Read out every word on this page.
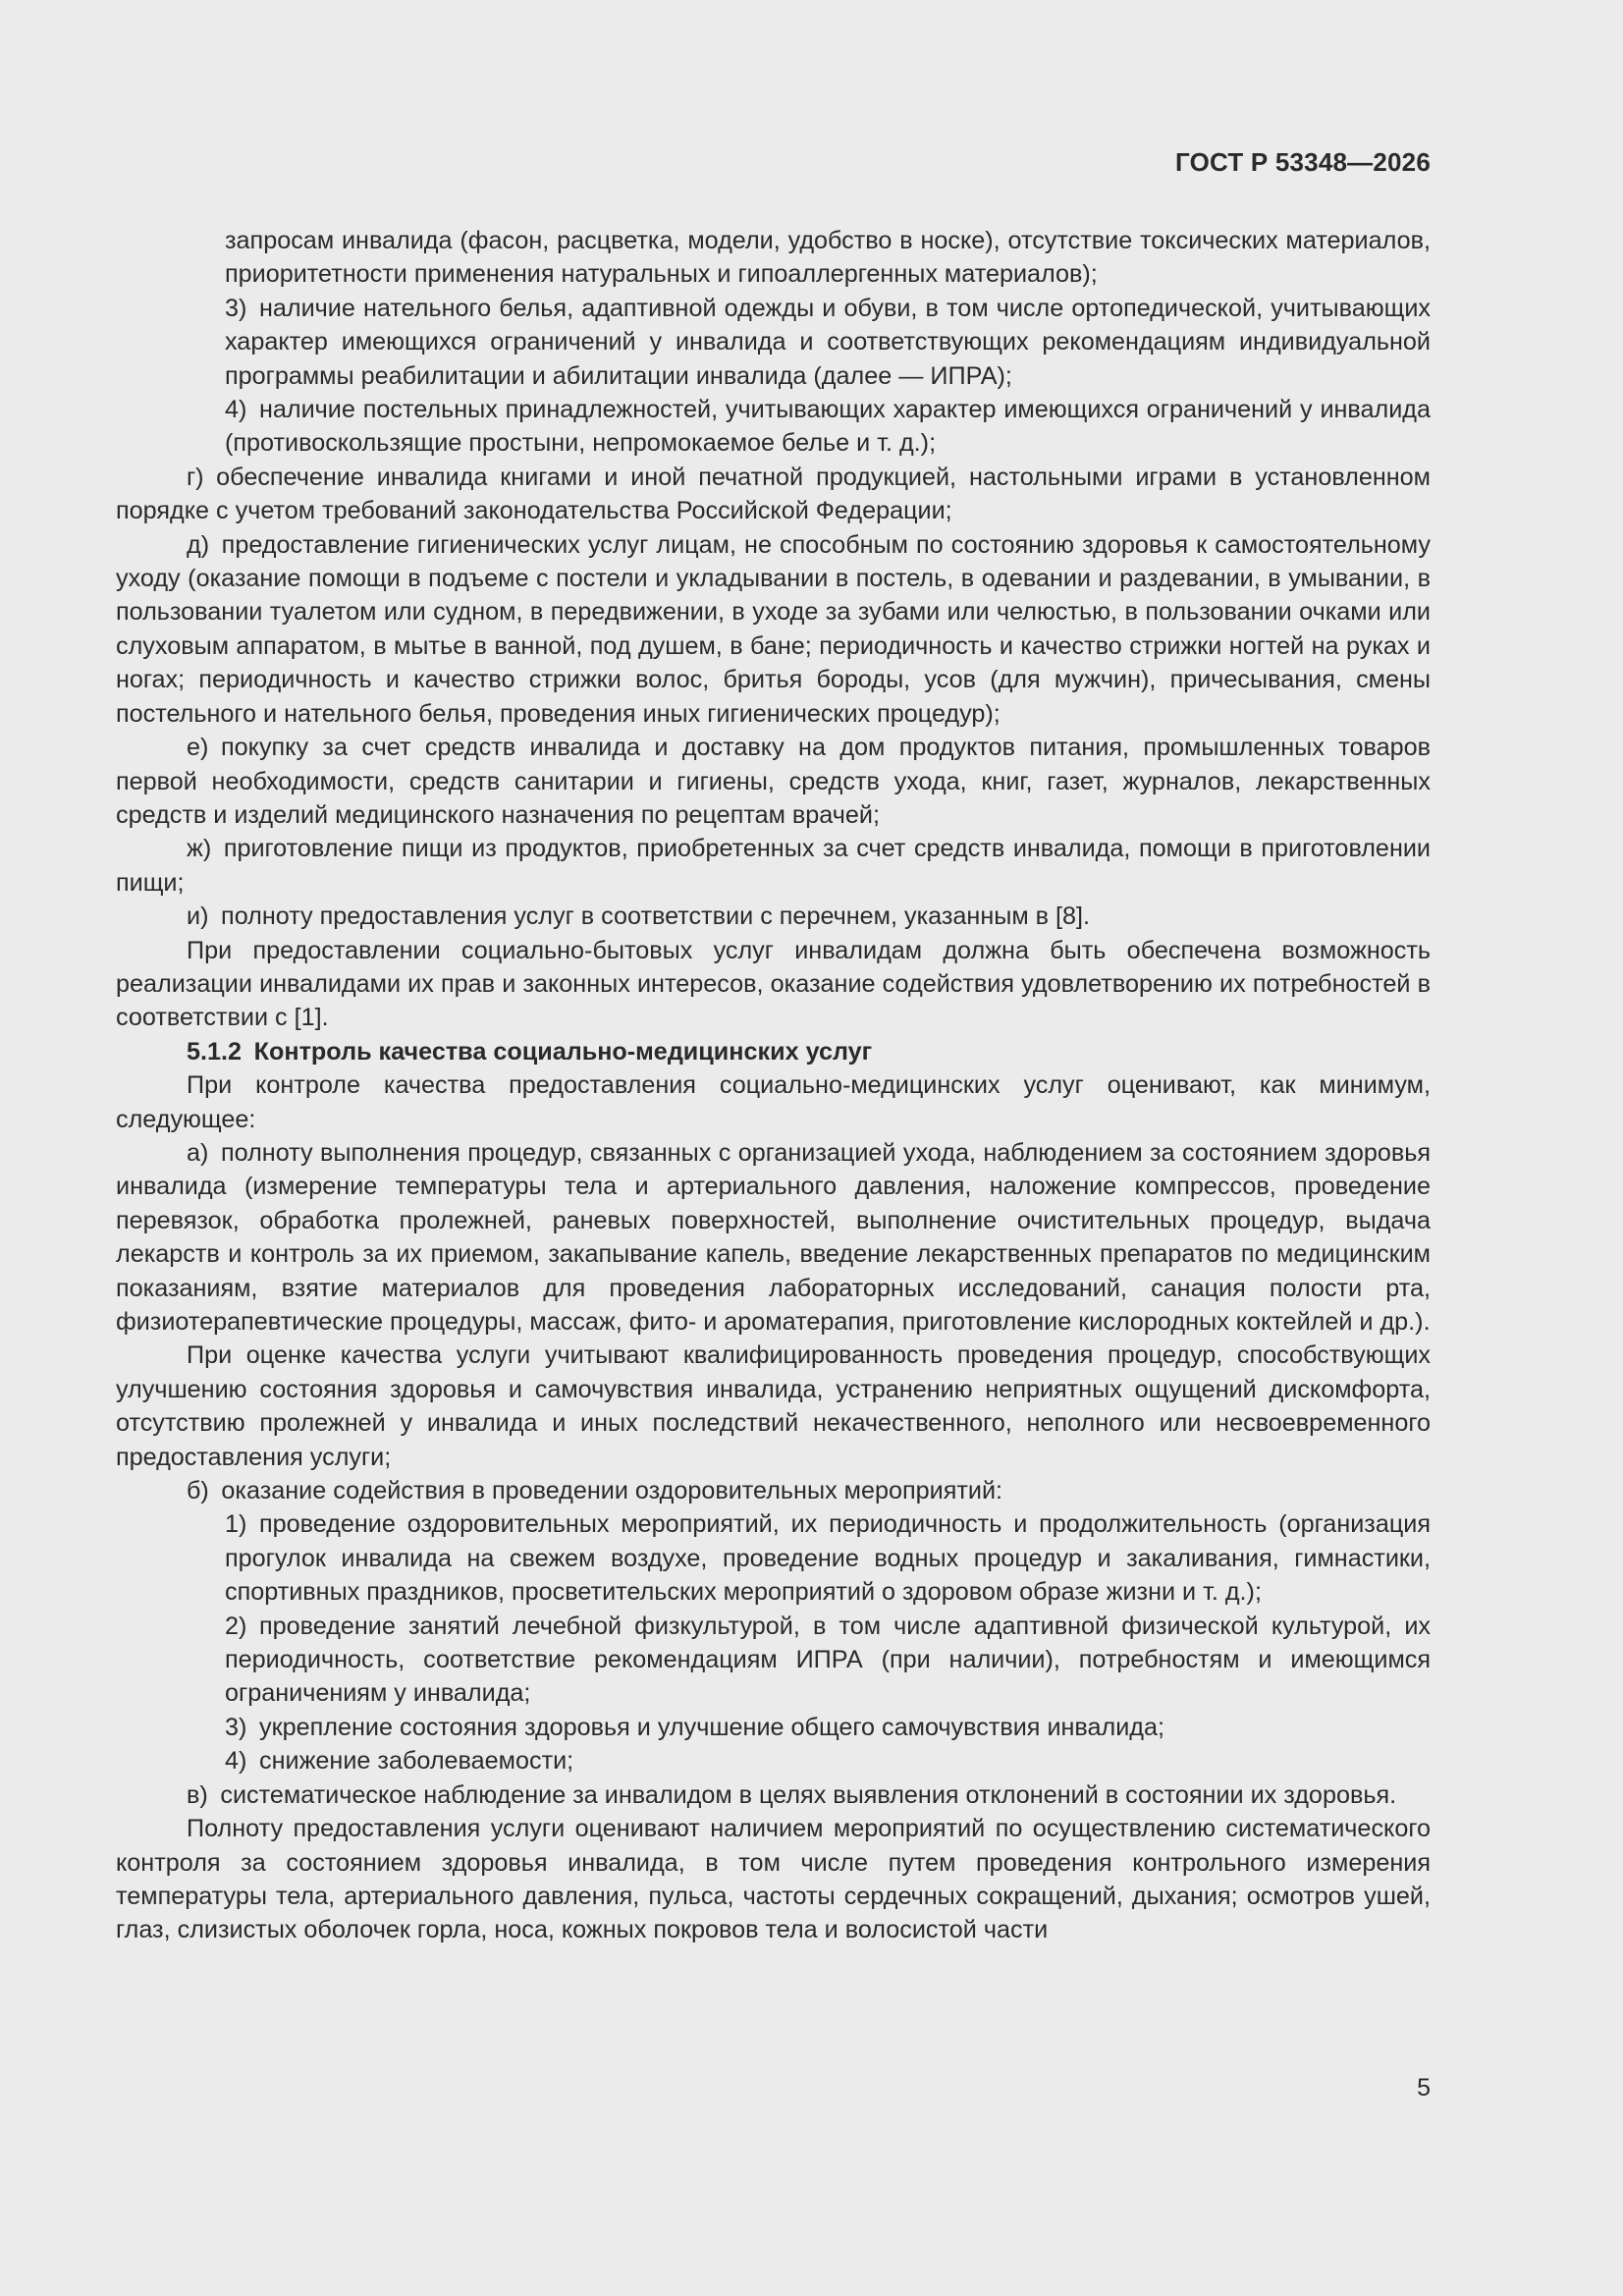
ГОСТ Р 53348—2026

запросам инвалида (фасон, расцветка, модели, удобство в носке), отсутствие токсических материалов, приоритетности применения натуральных и гипоаллергенных материалов);

3) наличие нательного белья, адаптивной одежды и обуви, в том числе ортопедической, учитывающих характер имеющихся ограничений у инвалида и соответствующих рекомендациям индивидуальной программы реабилитации и абилитации инвалида (далее — ИПРА);

4) наличие постельных принадлежностей, учитывающих характер имеющихся ограничений у инвалида (противоскользящие простыни, непромокаемое белье и т. д.);

г) обеспечение инвалида книгами и иной печатной продукцией, настольными играми в установленном порядке с учетом требований законодательства Российской Федерации;

д) предоставление гигиенических услуг лицам, не способным по состоянию здоровья к самостоятельному уходу (оказание помощи в подъеме с постели и укладывании в постель, в одевании и раздевании, в умывании, в пользовании туалетом или судном, в передвижении, в уходе за зубами или челюстью, в пользовании очками или слуховым аппаратом, в мытье в ванной, под душем, в бане; периодичность и качество стрижки ногтей на руках и ногах; периодичность и качество стрижки волос, бритья бороды, усов (для мужчин), причесывания, смены постельного и нательного белья, проведения иных гигиенических процедур);

е) покупку за счет средств инвалида и доставку на дом продуктов питания, промышленных товаров первой необходимости, средств санитарии и гигиены, средств ухода, книг, газет, журналов, лекарственных средств и изделий медицинского назначения по рецептам врачей;

ж) приготовление пищи из продуктов, приобретенных за счет средств инвалида, помощи в приготовлении пищи;

и) полноту предоставления услуг в соответствии с перечнем, указанным в [8].

При предоставлении социально-бытовых услуг инвалидам должна быть обеспечена возможность реализации инвалидами их прав и законных интересов, оказание содействия удовлетворению их потребностей в соответствии с [1].

5.1.2 Контроль качества социально-медицинских услуг

При контроле качества предоставления социально-медицинских услуг оценивают, как минимум, следующее:

а) полноту выполнения процедур, связанных с организацией ухода, наблюдением за состоянием здоровья инвалида (измерение температуры тела и артериального давления, наложение компрессов, проведение перевязок, обработка пролежней, раневых поверхностей, выполнение очистительных процедур, выдача лекарств и контроль за их приемом, закапывание капель, введение лекарственных препаратов по медицинским показаниям, взятие материалов для проведения лабораторных исследований, санация полости рта, физиотерапевтические процедуры, массаж, фито- и ароматерапия, приготовление кислородных коктейлей и др.).

При оценке качества услуги учитывают квалифицированность проведения процедур, способствующих улучшению состояния здоровья и самочувствия инвалида, устранению неприятных ощущений дискомфорта, отсутствию пролежней у инвалида и иных последствий некачественного, неполного или несвоевременного предоставления услуги;

б) оказание содействия в проведении оздоровительных мероприятий:

1) проведение оздоровительных мероприятий, их периодичность и продолжительность (организация прогулок инвалида на свежем воздухе, проведение водных процедур и закаливания, гимнастики, спортивных праздников, просветительских мероприятий о здоровом образе жизни и т. д.);

2) проведение занятий лечебной физкультурой, в том числе адаптивной физической культурой, их периодичность, соответствие рекомендациям ИПРА (при наличии), потребностям и имеющимся ограничениям у инвалида;

3) укрепление состояния здоровья и улучшение общего самочувствия инвалида;

4) снижение заболеваемости;

в) систематическое наблюдение за инвалидом в целях выявления отклонений в состоянии их здоровья.

Полноту предоставления услуги оценивают наличием мероприятий по осуществлению систематического контроля за состоянием здоровья инвалида, в том числе путем проведения контрольного измерения температуры тела, артериального давления, пульса, частоты сердечных сокращений, дыхания; осмотров ушей, глаз, слизистых оболочек горла, носа, кожных покровов тела и волосистой части

5
